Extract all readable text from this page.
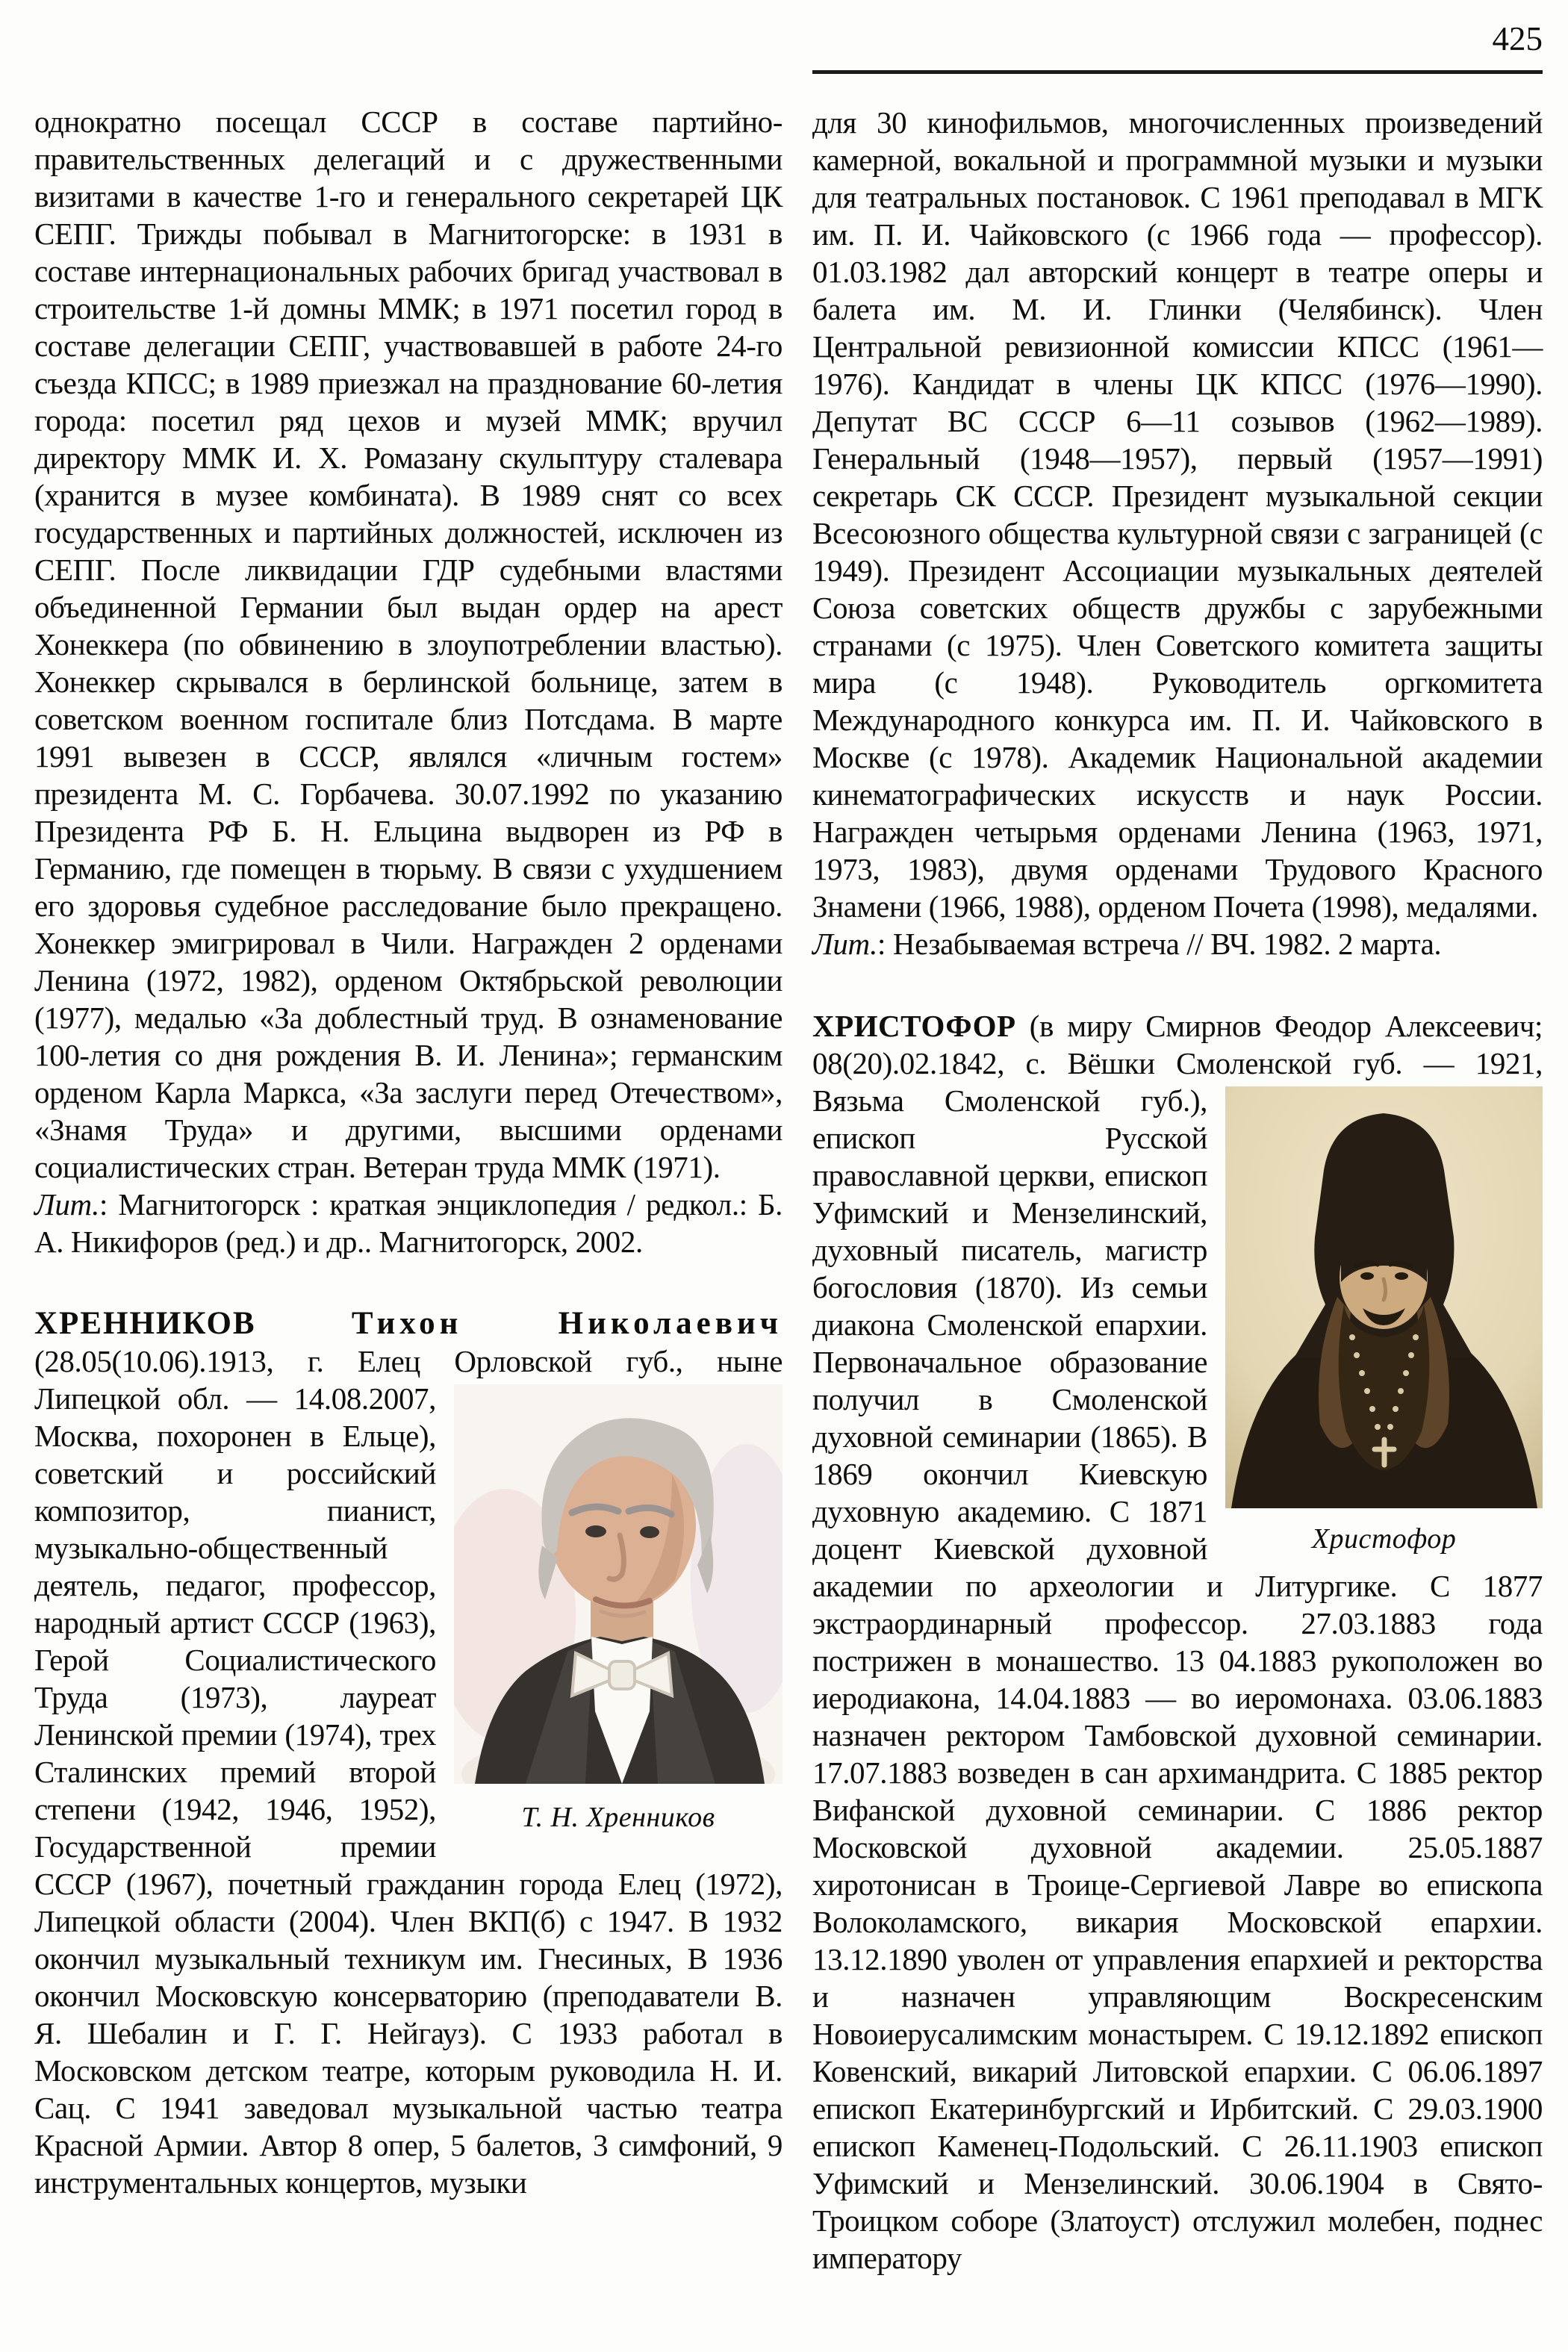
однократно посещал СССР в составе партийно-правительственных делегаций и с дружественными визитами в качестве 1-го и генерального секретарей ЦК СЕПГ. Трижды побывал в Магнитогорске: в 1931 в составе интернациональных рабочих бригад участвовал в строительстве 1-й домны ММК; в 1971 посетил город в составе делегации СЕПГ, участвовавшей в работе 24-го съезда КПСС; в 1989 приезжал на празднование 60-летия города: посетил ряд цехов и музей ММК; вручил директору ММК И. Х. Ромазану скульптуру сталевара (хранится в музее комбината). В 1989 снят со всех государственных и партийных должностей, исключен из СЕПГ. После ликвидации ГДР судебными властями объединенной Германии был выдан ордер на арест Хонеккера (по обвинению в злоупотреблении властью). Хонеккер скрывался в берлинской больнице, затем в советском военном госпитале близ Потсдама. В марте 1991 вывезен в СССР, являлся «личным гостем» президента М. С. Горбачева. 30.07.1992 по указанию Президента РФ Б. Н. Ельцина выдворен из РФ в Германию, где помещен в тюрьму. В связи с ухудшением его здоровья судебное расследование было прекращено. Хонеккер эмигрировал в Чили. Награжден 2 орденами Ленина (1972, 1982), орденом Октябрьской революции (1977), медалью «За доблестный труд. В ознаменование 100-летия со дня рождения В. И. Ленина»; германским орденом Карла Маркса, «За заслуги перед Отечеством», «Знамя Труда» и другими, высшими орденами социалистических стран. Ветеран труда ММК (1971).
Лит.: Магнитогорск : краткая энциклопедия / редкол.: Б. А. Никифоров (ред.) и др.. Магнитогорск, 2002.
ХРЕННИКОВ	Тихон	Николаевич
(28.05(10.06).1913, г. Елец Орловской губ., ныне
Т. Н. Хренников
Липецкой обл. — 14.08.2007, Москва, похоронен в Ельце), советский и российский композитор, пианист, музыкально-общественный деятель, педагог, профессор, народный артист СССР (1963), Герой Социалистического Труда (1973), лауреат Ленинской премии (1974), трех Сталинских премий второй степени (1942, 1946, 1952), Государственной премии СССР (1967), почетный гражданин города Елец (1972), Липецкой области (2004). Член ВКП(б) с 1947. В 1932 окончил музыкальный техникум им. Гнесиных, В 1936 окончил Московскую консерваторию (преподаватели В. Я. Шебалин и Г. Г. Нейгауз). С 1933 работал в Московском детском театре, которым руководила Н. И. Сац. С 1941 заведовал музыкальной частью театра Красной Армии. Автор 8 опер, 5 балетов, 3 симфоний, 9 инструментальных концертов, музыки
425
для 30 кинофильмов, многочисленных произведений камерной, вокальной и программной музыки и музыки для театральных постановок. С 1961 преподавал в МГК им. П. И. Чайковского (с 1966 года — профессор). 01.03.1982 дал авторский концерт в театре оперы и балета им. М. И. Глинки (Челябинск). Член Центральной ревизионной комиссии КПСС (1961—1976). Кандидат в члены ЦК КПСС (1976—1990). Депутат ВС СССР 6—11 созывов (1962—1989). Генеральный (1948—1957), первый (1957—1991) секретарь СК СССР. Президент музыкальной секции Всесоюзного общества культурной связи с заграницей (с 1949). Президент Ассоциации музыкальных деятелей Союза советских обществ дружбы с зарубежными странами (с 1975). Член Советского комитета защиты мира (с 1948). Руководитель оргкомитета Международного конкурса им. П. И. Чайковского в Москве (с 1978). Академик Национальной академии кинематографических искусств и наук России. Награжден четырьмя орденами Ленина (1963, 1971, 1973, 1983), двумя орденами Трудового Красного Знамени (1966, 1988), орденом Почета (1998), медалями.
Лит.: Незабываемая встреча // ВЧ. 1982. 2 марта.
ХРИСТОФОР (в миру Смирнов Феодор Алексеевич; 08(20).02.1842, с. Вёшки Смоленской
Христофор
губ. — 1921, Вязьма Смоленской губ.), епископ Русской православной церкви, епископ Уфимский и Мензелинский, духовный писатель, магистр богословия (1870). Из семьи диакона Смоленской епархии. Первоначальное образование получил в Смоленской духовной семинарии (1865). В 1869 окончил Киевскую духовную академию. С 1871 доцент Киевской духовной академии по археологии и Литургике. С 1877 экстраординарный профессор. 27.03.1883 года пострижен в монашество. 13 04.1883 рукоположен во иеродиакона, 14.04.1883 — во иеромонаха. 03.06.1883 назначен ректором Тамбовской духовной семинарии. 17.07.1883 возведен в сан архимандрита. С 1885 ректор Вифанской духовной семинарии. С 1886 ректор Московской духовной академии. 25.05.1887 хиротонисан в Троице-Сергиевой Лавре во епископа Волоколамского, викария Московской епархии. 13.12.1890 уволен от управления епархией и ректорства и назначен управляющим Воскресенским Новоиерусалимским монастырем. С 19.12.1892 епископ Ковенский, викарий Литовской епархии. С 06.06.1897 епископ Екатеринбургский и Ирбитский. С 29.03.1900 епископ Каменец-Подольский. С 26.11.1903 епископ Уфимский и Мензелинский. 30.06.1904 в Свято-Троицком соборе (Златоуст) отслужил молебен, поднес императору
